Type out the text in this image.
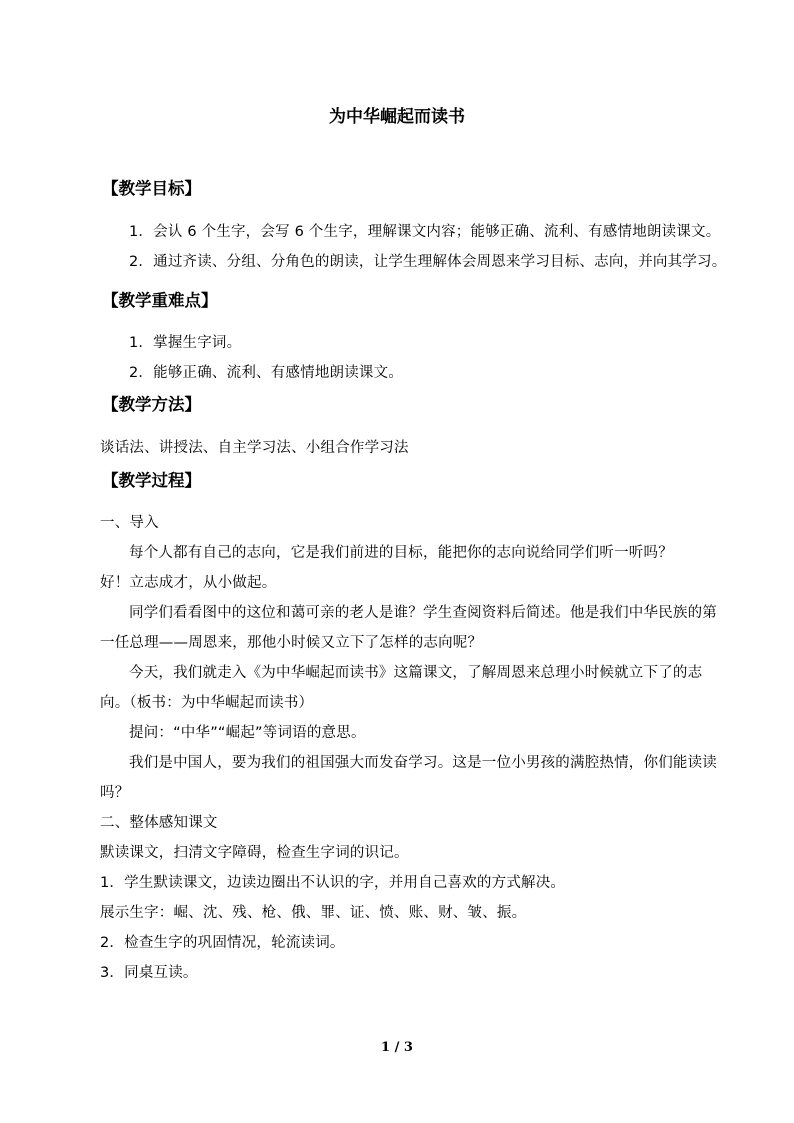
为中华崛起而读书
【教学目标】

1．会认 6 个生字，会写 6 个生字，理解课文内容；能够正确、流利、有感情地朗读课文。

2．通过齐读、分组、分角色的朗读，让学生理解体会周恩来学习目标、志向，并向其学习。

【教学重难点】

1．掌握生字词。

2．能够正确、流利、有感情地朗读课文。

【教学方法】

谈话法、讲授法、自主学习法、小组合作学习法

【教学过程】

一、导入

每个人都有自己的志向，它是我们前进的目标，能把你的志向说给同学们听一听吗？

好！立志成才，从小做起。

同学们看看图中的这位和蔼可亲的老人是谁？学生查阅资料后简述。他是我们中华民族的第一任总理——周恩来，那他小时候又立下了怎样的志向呢？

今天，我们就走入《为中华崛起而读书》这篇课文，了解周恩来总理小时候就立下了的志向。（板书：为中华崛起而读书）

提问：“中华”“崛起”等词语的意思。

我们是中国人，要为我们的祖国强大而发奋学习。这是一位小男孩的满腔热情，你们能读读吗？

二、整体感知课文

默读课文，扫清文字障碍，检查生字词的识记。

1．学生默读课文，边读边圈出不认识的字，并用自己喜欢的方式解决。

展示生字：崛、沈、残、枪、俄、罪、证、愤、账、财、皱、振。

2．检查生字的巩固情况，轮流读词。

3．同桌互读。

1 / 3
